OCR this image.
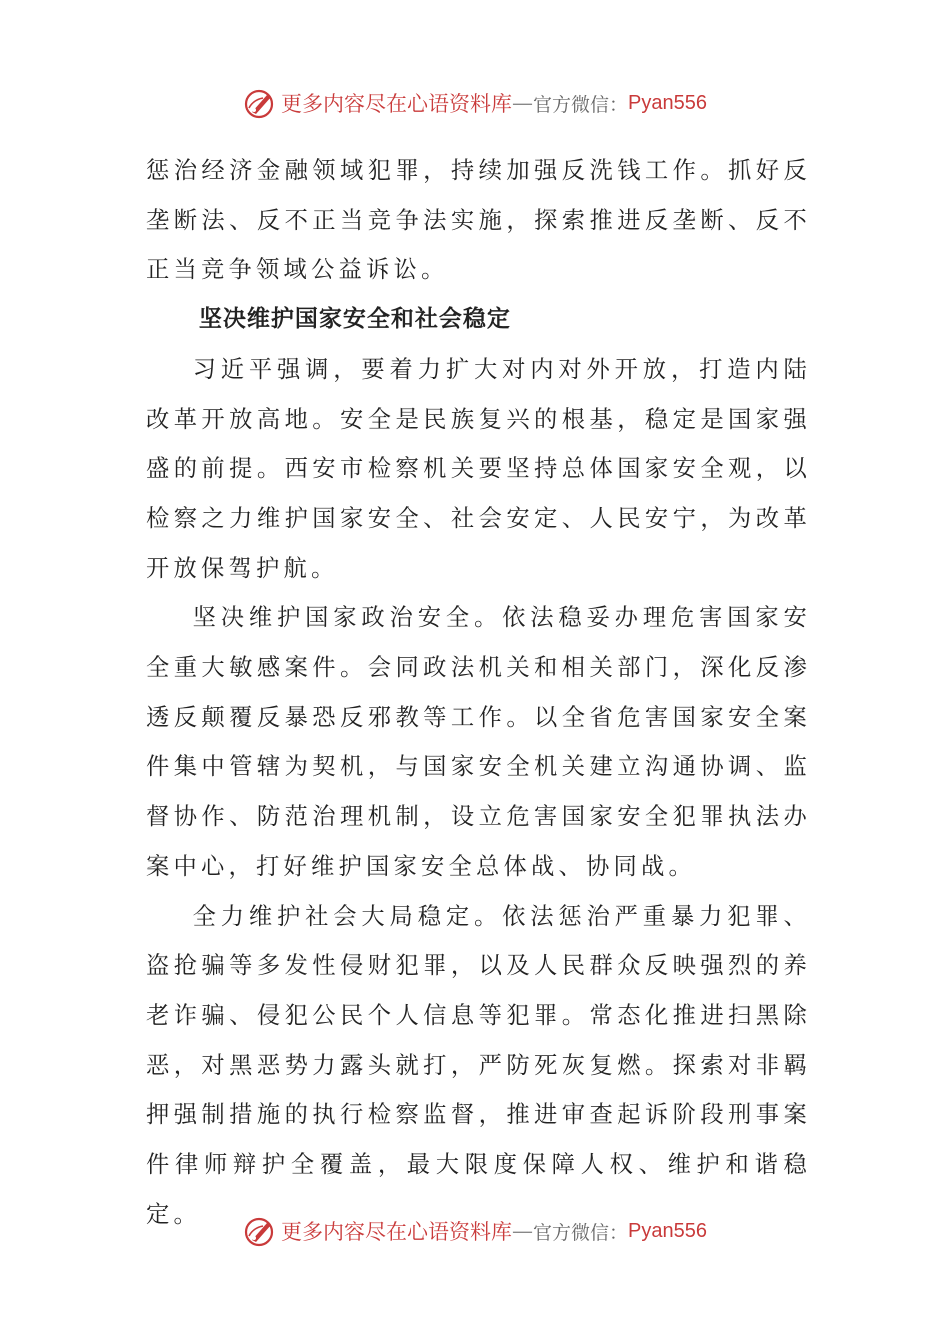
更多内容尽在心语资料库 — 官方微信： Pyan556

惩治经济金融领域犯罪，持续加强反洗钱工作。抓好反垄断法、反不正当竞争法实施，探索推进反垄断、反不正当竞争领域公益诉讼。

坚决维护国家安全和社会稳定

习近平强调，要着力扩大对内对外开放，打造内陆改革开放高地。安全是民族复兴的根基，稳定是国家强盛的前提。西安市检察机关要坚持总体国家安全观，以检察之力维护国家安全、社会安定、人民安宁，为改革开放保驾护航。

坚决维护国家政治安全。依法稳妥办理危害国家安全重大敏感案件。会同政法机关和相关部门，深化反渗透反颠覆反暴恐反邪教等工作。以全省危害国家安全案件集中管辖为契机，与国家安全机关建立沟通协调、监督协作、防范治理机制，设立危害国家安全犯罪执法办案中心，打好维护国家安全总体战、协同战。

全力维护社会大局稳定。依法惩治严重暴力犯罪、盗抢骗等多发性侵财犯罪，以及人民群众反映强烈的养老诈骗、侵犯公民个人信息等犯罪。常态化推进扫黑除恶，对黑恶势力露头就打，严防死灰复燃。探索对非羁押强制措施的执行检察监督，推进审查起诉阶段刑事案件律师辩护全覆盖，最大限度保障人权、维护和谐稳定。

更多内容尽在心语资料库 — 官方微信： Pyan556
